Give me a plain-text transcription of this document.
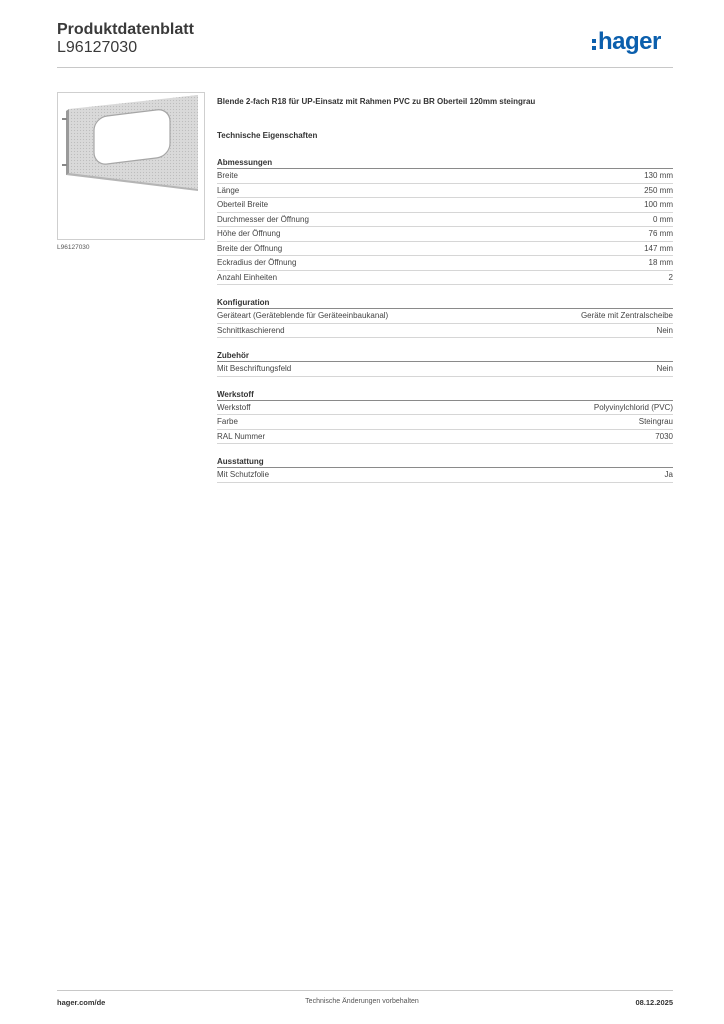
Produktdatenblatt
L96127030	hager
L96127030
Blende 2-fach R18 für UP-Einsatz mit Rahmen PVC zu BR Oberteil 120mm steingrau
Technische Eigenschaften
Abmessungen
Breite	130 mm
Länge	250 mm
Oberteil Breite	100 mm
Durchmesser der Öffnung	0 mm
Höhe der Öffnung	76 mm
Breite der Öffnung	147 mm
Eckradius der Öffnung	18 mm
Anzahl Einheiten	2
Konfiguration
Geräteart (Geräteblende für Geräteeinbaukanal)	Geräte mit Zentralscheibe
Schnittkaschierend	Nein
Zubehör
Mit Beschriftungsfeld	Nein
Werkstoff
Werkstoff	Polyvinylchlorid (PVC)
Farbe	Steingrau
RAL Nummer	7030
Ausstattung
Mit Schutzfolie	Ja
hager.com/de	Technische Änderungen vorbehalten	08.12.2025
